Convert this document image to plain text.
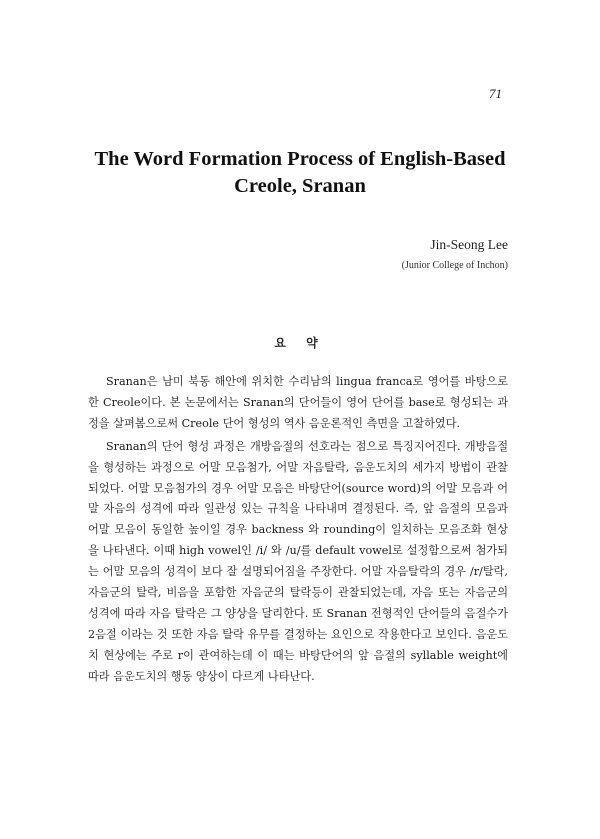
71
The Word Formation Process of English-Based
Creole, Sranan
Jin-Seong Lee
(Junior College of Inchon)
요 약

Sranan은 남미 북동 해안에 위치한 수리남의 lingua franca로 영어를 바탕으로 한 Creole이다. 본 논문에서는 Sranan의 단어들이 영어 단어를 base로 형성되는 과정을 살펴봄으로써 Creole 단어 형성의 역사 음운론적인 측면을 고찰하였다.

Sranan의 단어 형성 과정은 개방음절의 선호라는 점으로 특징지어진다. 개방음절을 형성하는 과정으로 어말 모음첨가, 어말 자음탈락, 음운도치의 세가지 방법이 관찰되었다. 어말 모음첨가의 경우 어말 모음은 바탕단어(source word)의 어말 모음과 어말 자음의 성격에 따라 일관성 있는 규칙을 나타내며 결정된다. 즉, 앞 음절의 모음과 어말 모음이 동일한 높이일 경우 backness 와 rounding이 일치하는 모음조화 현상을 나타낸다. 이때 high vowel인 /i/ 와 /u/를 default vowel로 설정함으로써 첨가되는 어말 모음의 성격이 보다 잘 설명되어짐을 주장한다. 어말 자음탈락의 경우 /r/탈락, 자음군의 탈락, 비음을 포함한 자음군의 탈락등이 관찰되었는데, 자음 또는 자음군의 성격에 따라 자음 탈락은 그 양상을 달리한다. 또 Sranan 전형적인 단어들의 음절수가 2음절 이라는 것 또한 자음 탈락 유무를 결정하는 요인으로 작용한다고 보인다. 음운도치 현상에는 주로 r이 관여하는데 이 때는 바탕단어의 앞 음절의 syllable weight에 따라 음운도치의 행동 양상이 다르게 나타난다.
